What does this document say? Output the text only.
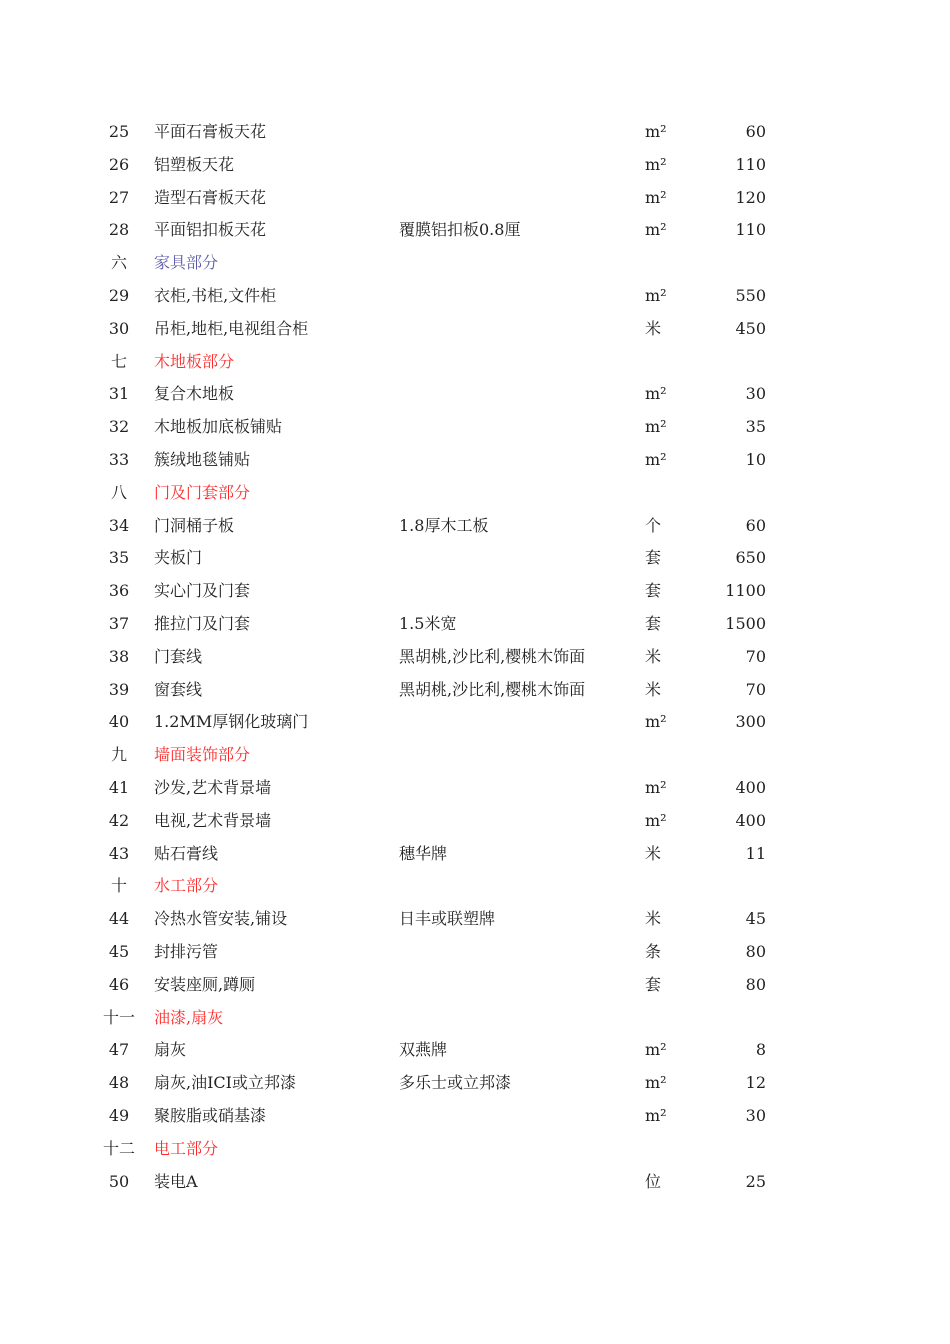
25	平面石膏板天花	m²	60
26	铝塑板天花	m²	110
27	造型石膏板天花	m²	120
28	平面铝扣板天花	覆膜铝扣板0.8厘	m²	110
六	家具部分
29	衣柜,书柜,文件柜	m²	550
30	吊柜,地柜,电视组合柜	米	450
七	木地板部分
31	复合木地板	m²	30
32	木地板加底板铺贴	m²	35
33	簇绒地毯铺贴	m²	10
八	门及门套部分
34	门洞桶子板	1.8厚木工板	个	60
35	夹板门	套	650
36	实心门及门套	套	1100
37	推拉门及门套	1.5米宽	套	1500
38	门套线	黑胡桃,沙比利,樱桃木饰面	米	70
39	窗套线	黑胡桃,沙比利,樱桃木饰面	米	70
40	1.2MM厚钢化玻璃门	m²	300
九	墙面装饰部分
41	沙发,艺术背景墙	m²	400
42	电视,艺术背景墙	m²	400
43	贴石膏线	穗华牌	米	11
十	水工部分
44	冷热水管安装,铺设	日丰或联塑牌	米	45
45	封排污管	条	80
46	安装座厕,蹲厕	套	80
十一	油漆,扇灰
47	扇灰	双燕牌	m²	8
48	扇灰,油ICI或立邦漆	多乐士或立邦漆	m²	12
49	聚胺脂或硝基漆	m²	30
十二	电工部分
50	装电A	位	25
